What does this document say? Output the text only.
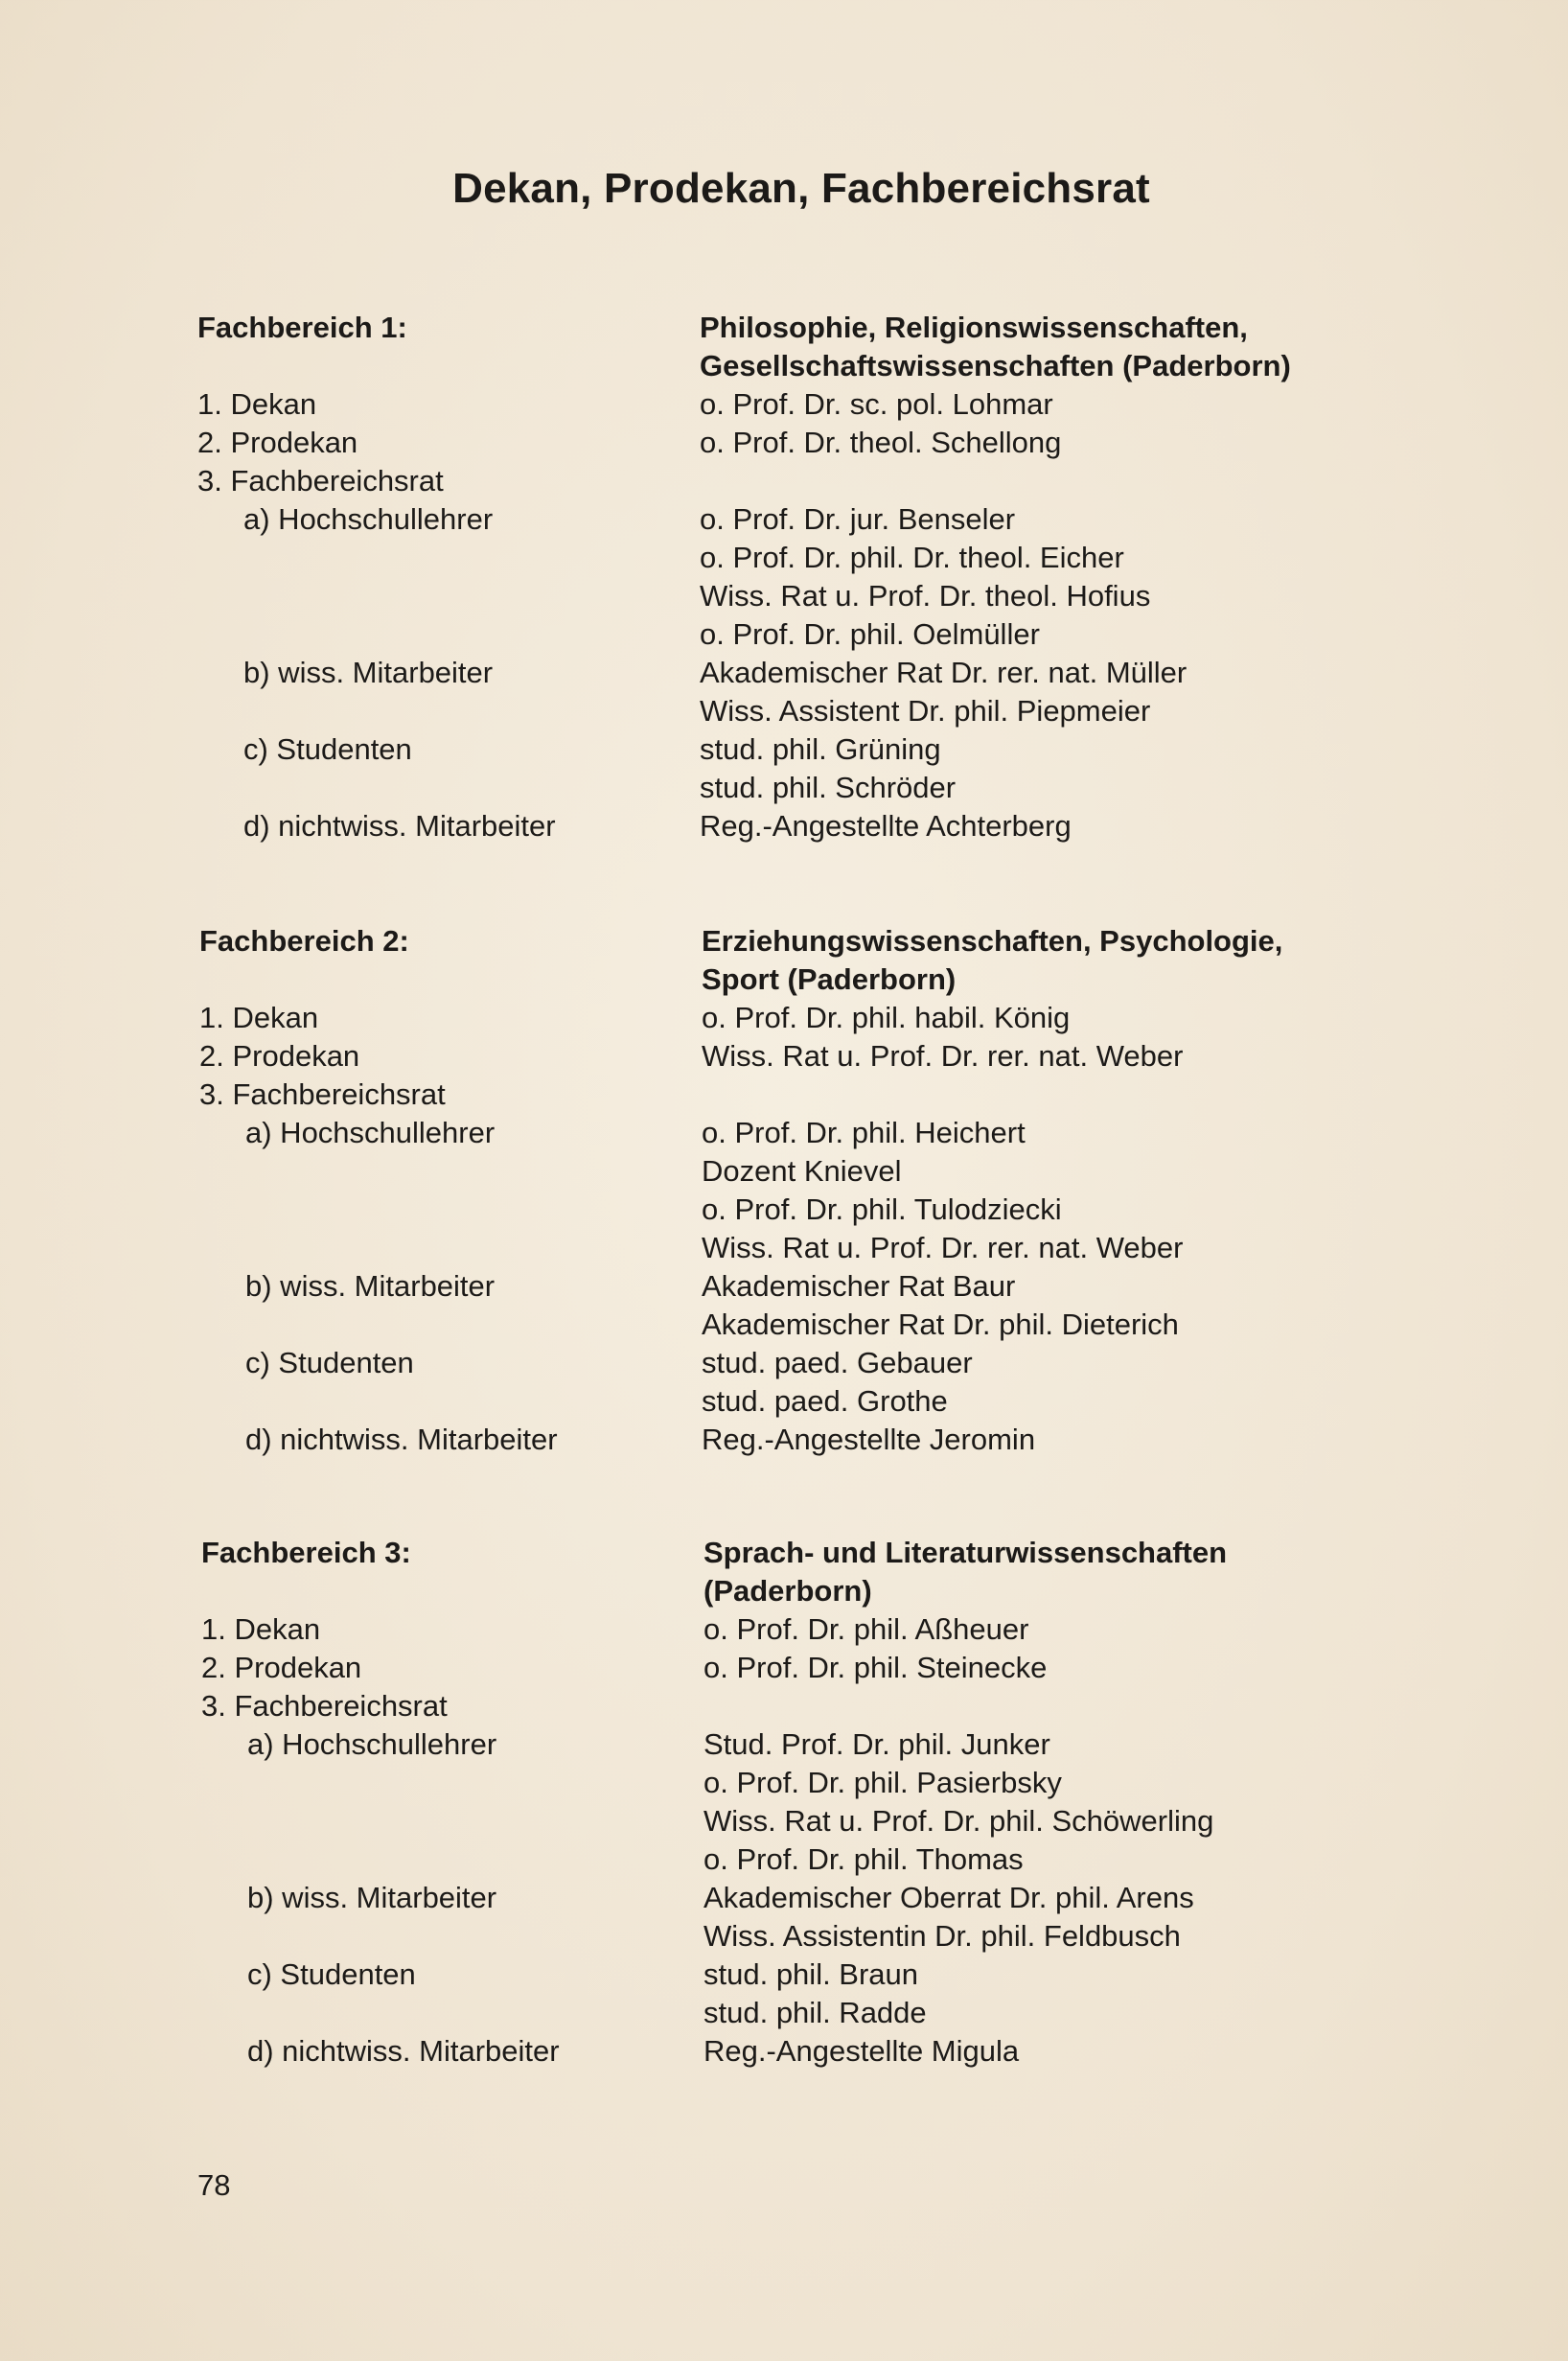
Dekan, Prodekan, Fachbereichsrat
Fachbereich 1:	Philosophie, Religionswissenschaften,
Gesellschaftswissenschaften (Paderborn)
1. Dekan	o. Prof. Dr. sc. pol. Lohmar
2. Prodekan	o. Prof. Dr. theol. Schellong
3. Fachbereichsrat
a) Hochschullehrer	o. Prof. Dr. jur. Benseler
o. Prof. Dr. phil. Dr. theol. Eicher
Wiss. Rat u. Prof. Dr. theol. Hofius
o. Prof. Dr. phil. Oelmüller
b) wiss. Mitarbeiter	Akademischer Rat Dr. rer. nat. Müller
Wiss. Assistent Dr. phil. Piepmeier
c) Studenten	stud. phil. Grüning
stud. phil. Schröder
d) nichtwiss. Mitarbeiter	Reg.-Angestellte Achterberg
Fachbereich 2:	Erziehungswissenschaften, Psychologie,
Sport (Paderborn)
1. Dekan	o. Prof. Dr. phil. habil. König
2. Prodekan	Wiss. Rat u. Prof. Dr. rer. nat. Weber
3. Fachbereichsrat
a) Hochschullehrer	o. Prof. Dr. phil. Heichert
Dozent Knievel
o. Prof. Dr. phil. Tulodziecki
Wiss. Rat u. Prof. Dr. rer. nat. Weber
b) wiss. Mitarbeiter	Akademischer Rat Baur
Akademischer Rat Dr. phil. Dieterich
c) Studenten	stud. paed. Gebauer
stud. paed. Grothe
d) nichtwiss. Mitarbeiter	Reg.-Angestellte Jeromin
Fachbereich 3:	Sprach- und Literaturwissenschaften
(Paderborn)
1. Dekan	o. Prof. Dr. phil. Aßheuer
2. Prodekan	o. Prof. Dr. phil. Steinecke
3. Fachbereichsrat
a) Hochschullehrer	Stud. Prof. Dr. phil. Junker
o. Prof. Dr. phil. Pasierbsky
Wiss. Rat u. Prof. Dr. phil. Schöwerling
o. Prof. Dr. phil. Thomas
b) wiss. Mitarbeiter	Akademischer Oberrat Dr. phil. Arens
Wiss. Assistentin Dr. phil. Feldbusch
c) Studenten	stud. phil. Braun
stud. phil. Radde
d) nichtwiss. Mitarbeiter	Reg.-Angestellte Migula
78
